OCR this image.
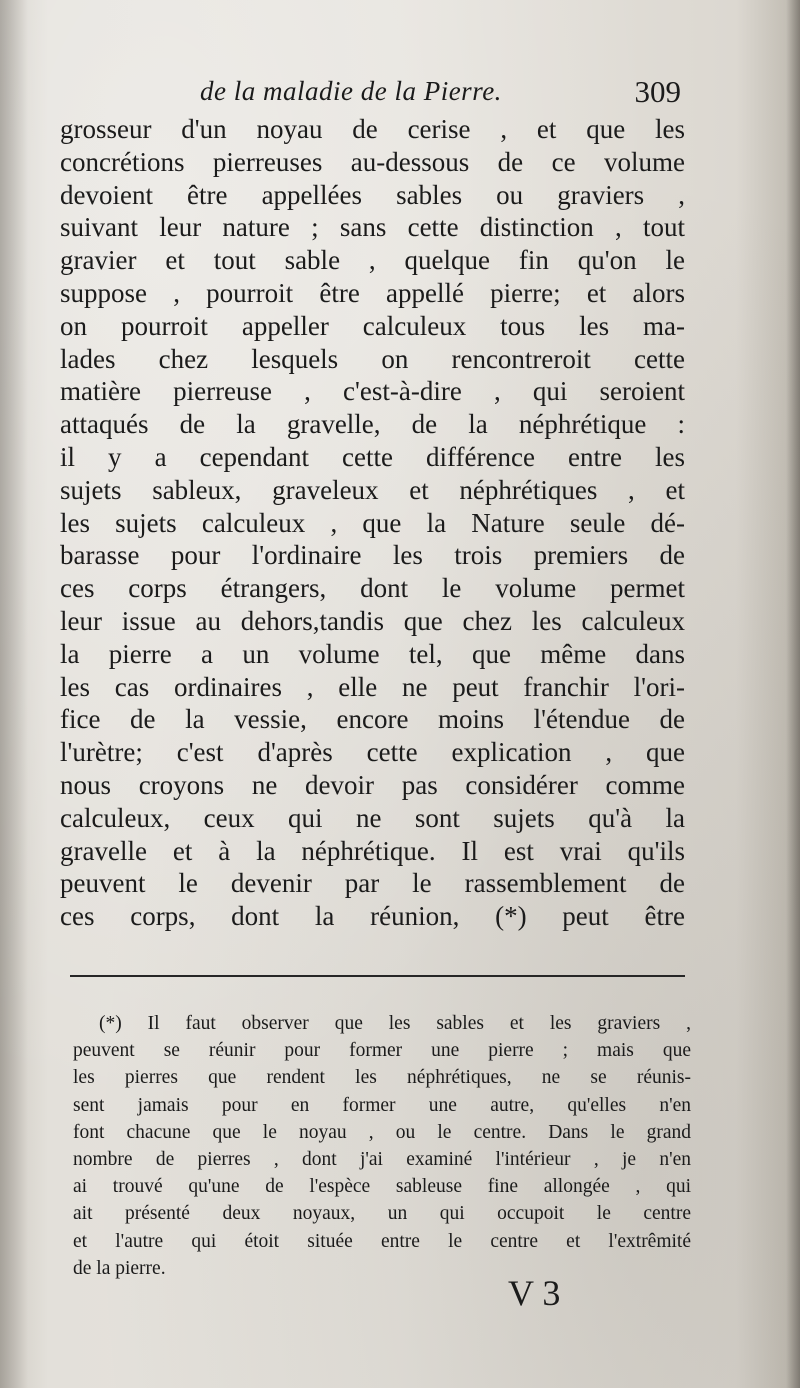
de la maladie de la Pierre.	309
grosseur d'un noyau de cerise , et que les
concrétions pierreuses au-dessous de ce volume
devoient être appellées sables ou graviers ,
suivant leur nature ; sans cette distinction , tout
gravier et tout sable , quelque fin qu'on le
suppose , pourroit être appellé pierre; et alors
on pourroit appeller calculeux tous les ma-
lades chez lesquels on rencontreroit cette
matière pierreuse , c'est-à-dire , qui seroient
attaqués de la gravelle, de la néphrétique :
il y a cependant cette différence entre les
sujets sableux, graveleux et néphrétiques , et
les sujets calculeux , que la Nature seule dé-
barasse pour l'ordinaire les trois premiers de
ces corps étrangers, dont le volume permet
leur issue au dehors,tandis que chez les calculeux
la pierre a un volume tel, que même dans
les cas ordinaires , elle ne peut franchir l'ori-
fice de la vessie, encore moins l'étendue de
l'urètre; c'est d'après cette explication , que
nous croyons ne devoir pas considérer comme
calculeux, ceux qui ne sont sujets qu'à la
gravelle et à la néphrétique. Il est vrai qu'ils
peuvent le devenir par le rassemblement de
ces corps, dont la réunion, (*) peut être
(*) Il faut observer que les sables et les graviers ,
peuvent se réunir pour former une pierre ; mais que
les pierres que rendent les néphrétiques, ne se réunis-
sent jamais pour en former une autre, qu'elles n'en
font chacune que le noyau , ou le centre. Dans le grand
nombre de pierres , dont j'ai examiné l'intérieur , je n'en
ai trouvé qu'une de l'espèce sableuse fine allongée , qui
ait présenté deux noyaux, un qui occupoit le centre
et l'autre qui étoit située entre le centre et l'extrêmité
de la pierre.
V 3
